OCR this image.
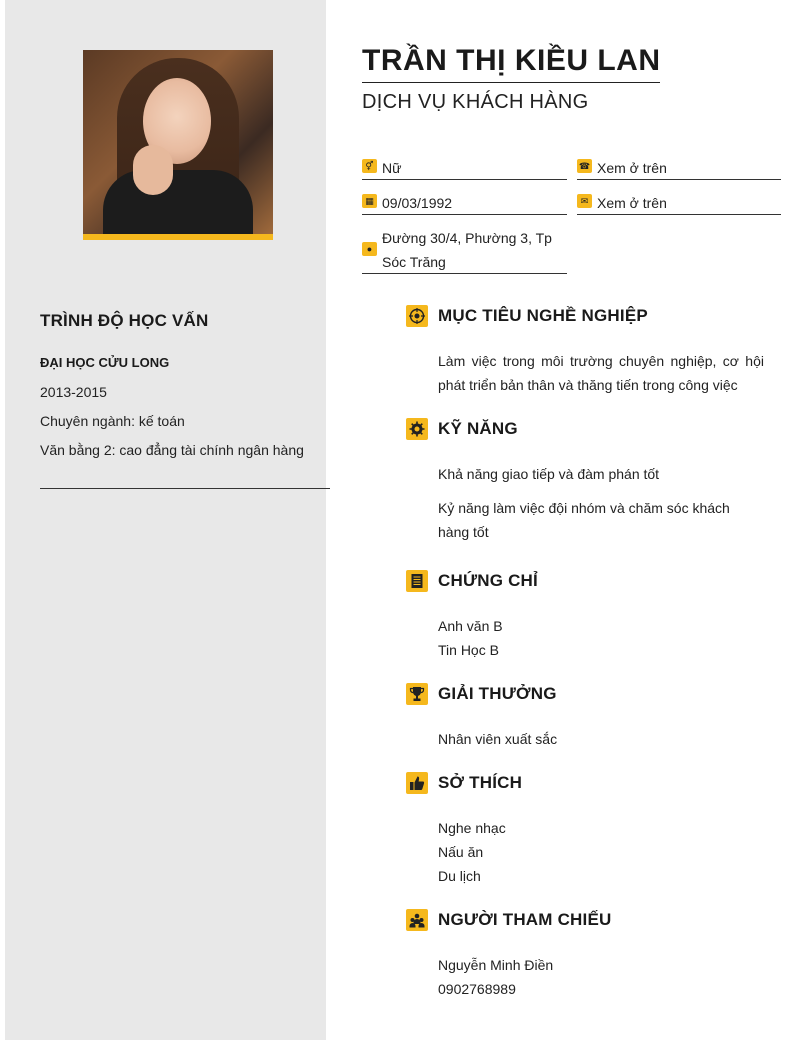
TRÌNH ĐỘ HỌC VẤN
ĐẠI HỌC CỬU LONG
2013-2015
Chuyên ngành: kế toán
Văn bằng 2: cao đẳng tài chính ngân hàng
TRẦN THỊ KIỀU LAN
DỊCH VỤ KHÁCH HÀNG
⚥ Nữ	☎ Xem ở trên
▦ 09/03/1992	✉ Xem ở trên
●
Đường 30/4, Phường 3, Tp
Sóc Trăng
MỤC TIÊU NGHỀ NGHIỆP
Làm việc trong môi trường chuyên nghiệp, cơ hội phát triển bản thân và thăng tiến trong công việc
KỸ NĂNG
Khả năng giao tiếp và đàm phán tốt
Kỷ năng làm việc đội nhóm và chăm sóc khách hàng tốt
CHỨNG CHỈ
Anh văn B
Tin Học B
GIẢI THƯỞNG
Nhân viên xuất sắc
SỞ THÍCH
Nghe nhạc
Nấu ăn
Du lịch
NGƯỜI THAM CHIẾU
Nguyễn Minh Điền
0902768989
